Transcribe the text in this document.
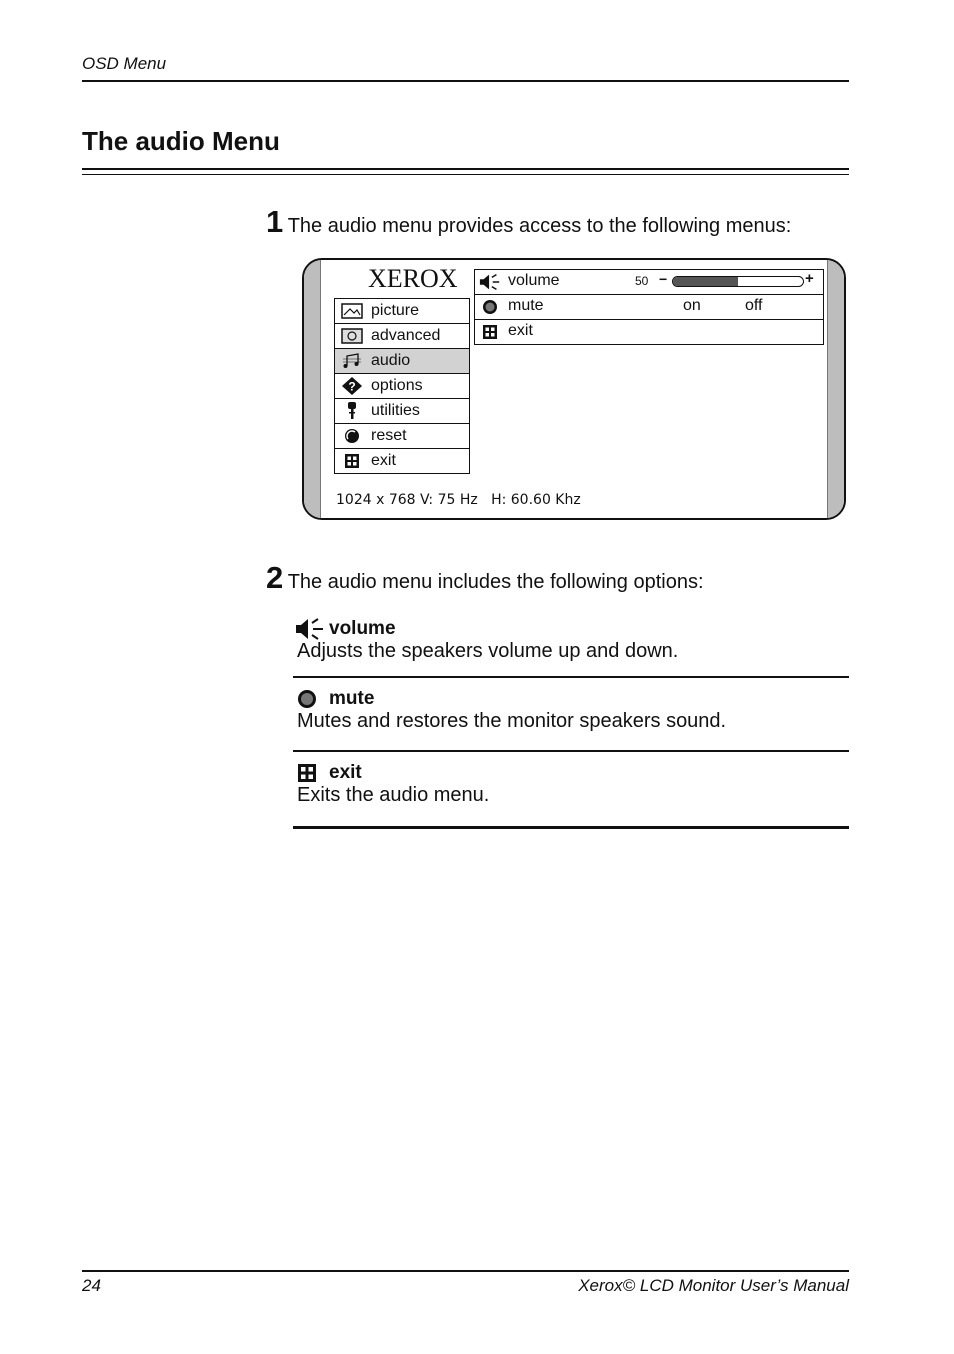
OSD Menu
The audio Menu
1 The audio menu provides access to the following menus:
XEROX
picture
advanced
audio
? options
utilities
reset
exit
volume	50 −	+
mute	on	off
exit
1024 x 768 V: 75 Hz   H: 60.60 Khz
2 The audio menu includes the following options:
volume
Adjusts the speakers volume up and down.
mute
Mutes and restores the monitor speakers sound.
exit
Exits the audio menu.
24	Xerox© LCD Monitor User’s Manual
